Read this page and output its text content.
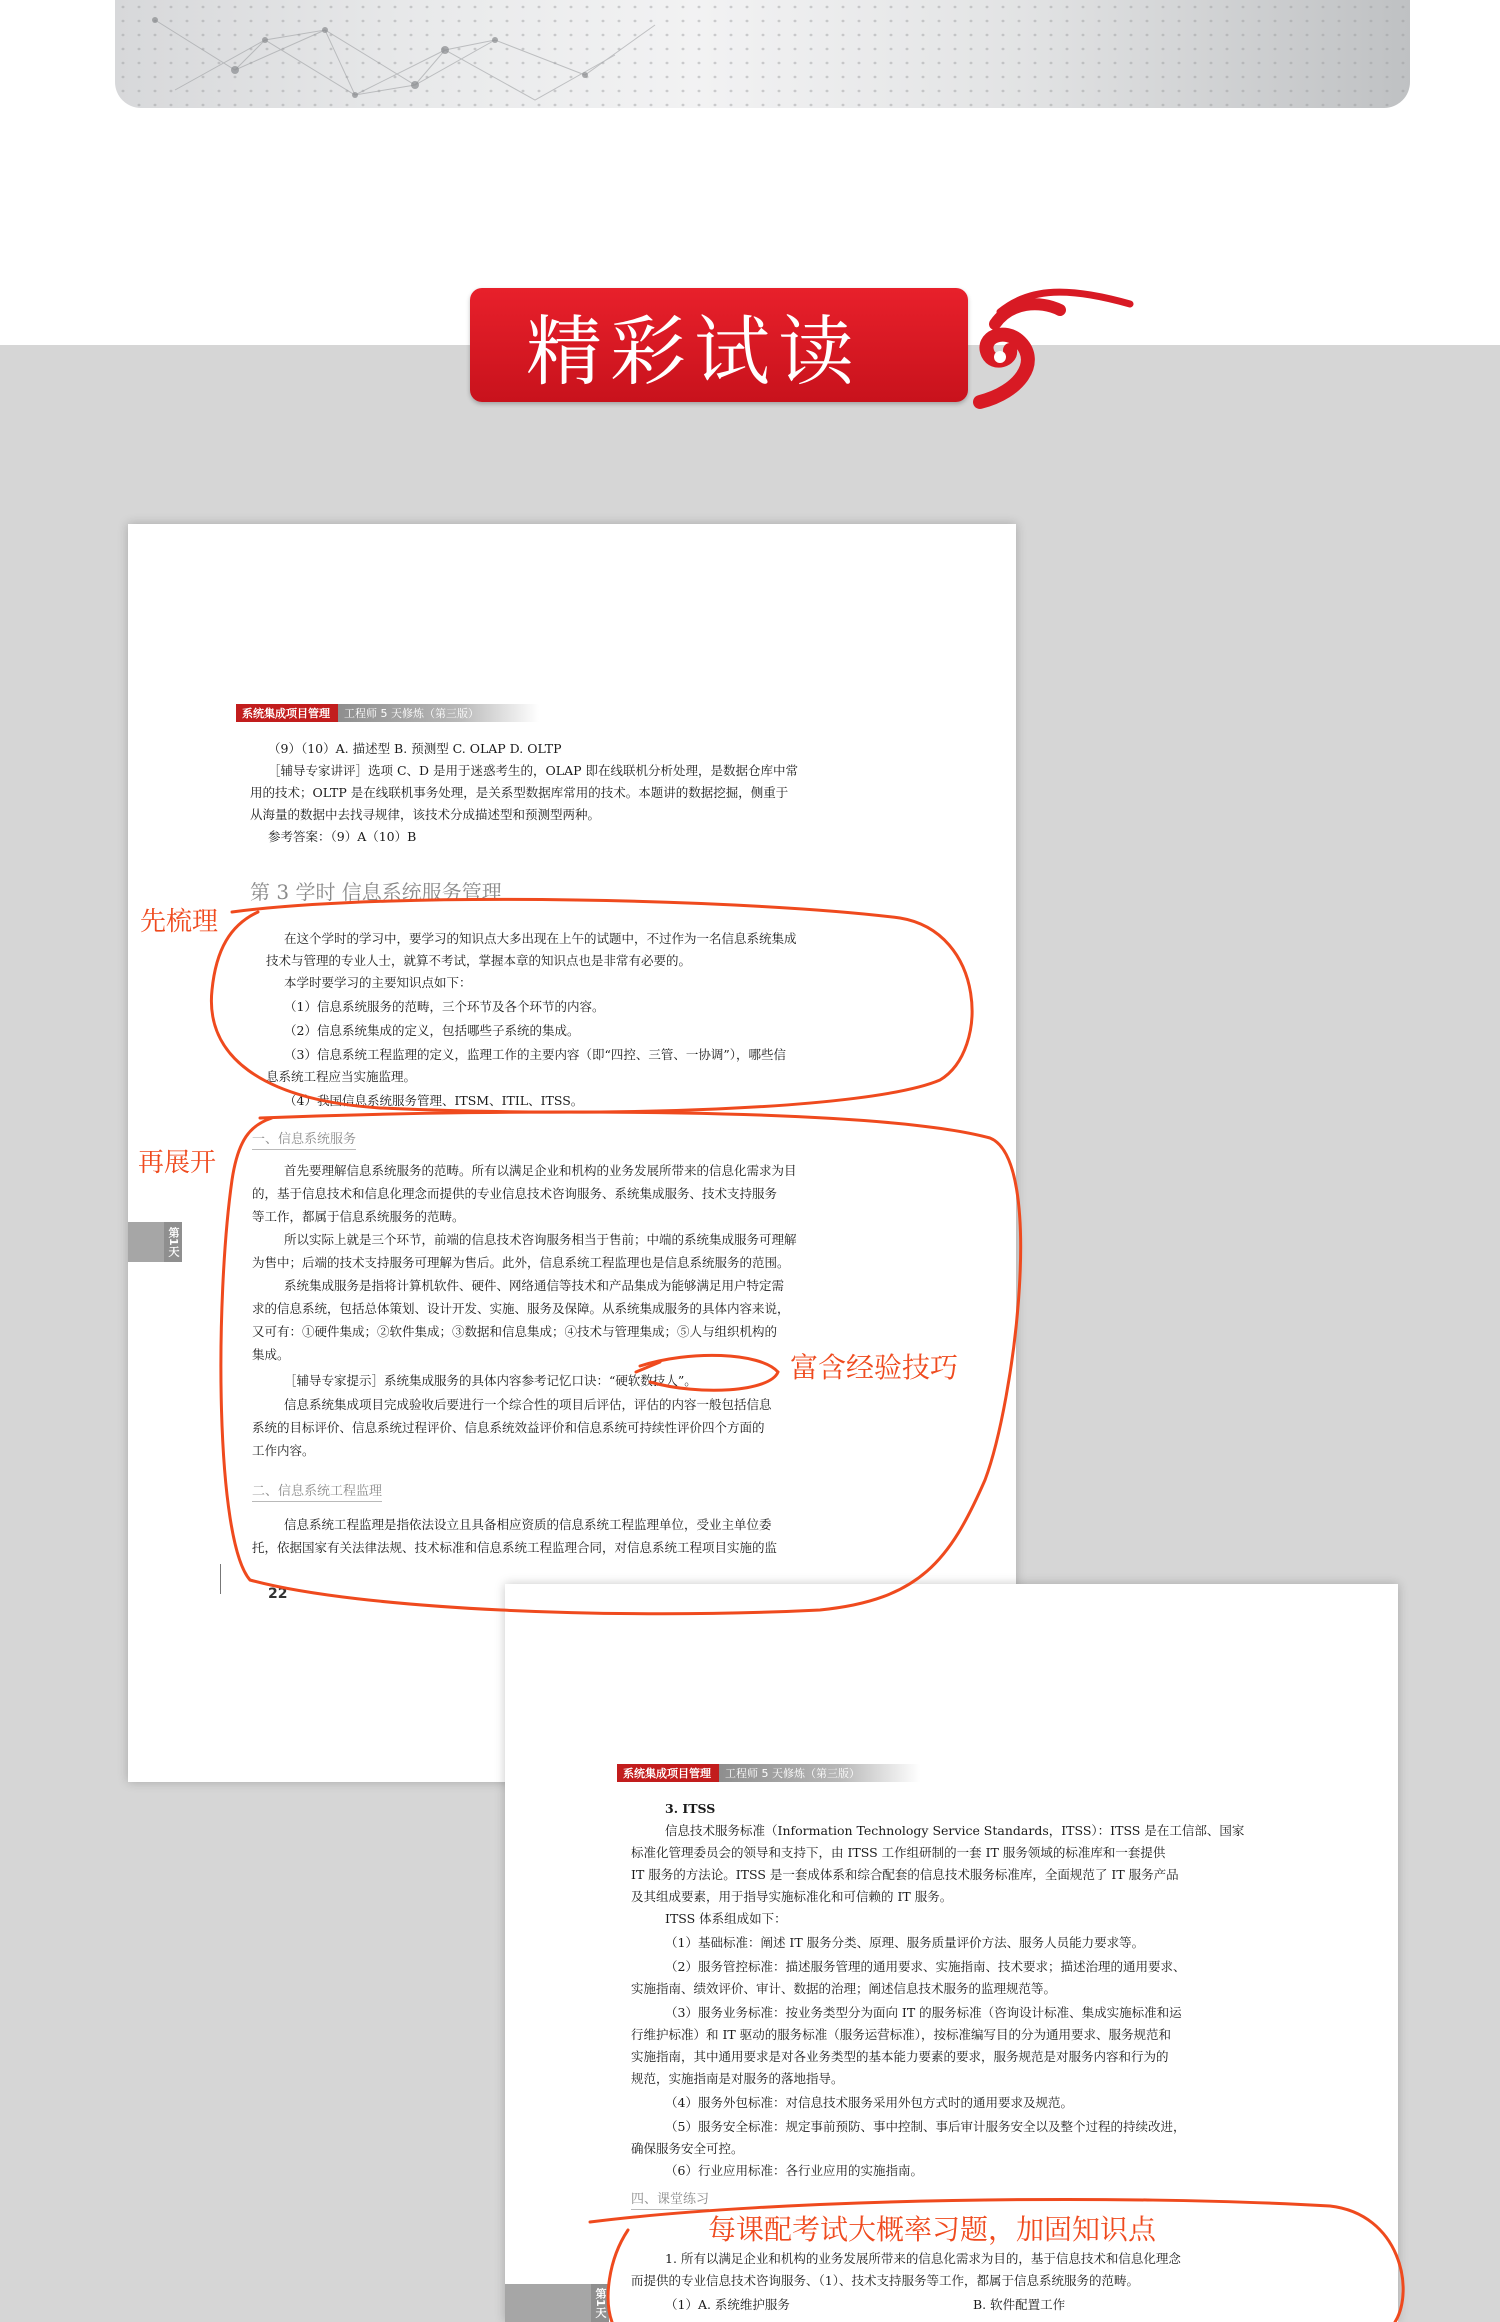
精彩试读
系统集成项目管理	工程师 5 天修炼（第三版）
（9）（10）A. 描述型 B. 预测型 C. OLAP D. OLTP
［辅导专家讲评］选项 C、D 是用于迷惑考生的，OLAP 即在线联机分析处理，是数据仓库中常
用的技术；OLTP 是在线联机事务处理，是关系型数据库常用的技术。本题讲的数据挖掘，侧重于
从海量的数据中去找寻规律，该技术分成描述型和预测型两种。
参考答案：（9）A（10）B
第 3 学时 信息系统服务管理
在这个学时的学习中，要学习的知识点大多出现在上午的试题中，不过作为一名信息系统集成
技术与管理的专业人士，就算不考试，掌握本章的知识点也是非常有必要的。
本学时要学习的主要知识点如下：
（1）信息系统服务的范畴，三个环节及各个环节的内容。
（2）信息系统集成的定义，包括哪些子系统的集成。
（3）信息系统工程监理的定义，监理工作的主要内容（即“四控、三管、一协调”），哪些信
息系统工程应当实施监理。
（4）我国信息系统服务管理、ITSM、ITIL、ITSS。
一、信息系统服务
第1天
首先要理解信息系统服务的范畴。所有以满足企业和机构的业务发展所带来的信息化需求为目
的，基于信息技术和信息化理念而提供的专业信息技术咨询服务、系统集成服务、技术支持服务
等工作，都属于信息系统服务的范畴。
所以实际上就是三个环节，前端的信息技术咨询服务相当于售前；中端的系统集成服务可理解
为售中；后端的技术支持服务可理解为售后。此外，信息系统工程监理也是信息系统服务的范围。
系统集成服务是指将计算机软件、硬件、网络通信等技术和产品集成为能够满足用户特定需
求的信息系统，包括总体策划、设计开发、实施、服务及保障。从系统集成服务的具体内容来说，
又可有：①硬件集成；②软件集成；③数据和信息集成；④技术与管理集成；⑤人与组织机构的
集成。
［辅导专家提示］系统集成服务的具体内容参考记忆口诀：“硬软数技人”。
信息系统集成项目完成验收后要进行一个综合性的项目后评估，评估的内容一般包括信息
系统的目标评价、信息系统过程评价、信息系统效益评价和信息系统可持续性评价四个方面的
工作内容。
二、信息系统工程监理
信息系统工程监理是指依法设立且具备相应资质的信息系统工程监理单位，受业主单位委
托，依据国家有关法律法规、技术标准和信息系统工程监理合同，对信息系统工程项目实施的监
22
系统集成项目管理	工程师 5 天修炼（第三版）
3. ITSS
信息技术服务标准（Information Technology Service Standards，ITSS）：ITSS 是在工信部、国家
标准化管理委员会的领导和支持下，由 ITSS 工作组研制的一套 IT 服务领域的标准库和一套提供
IT 服务的方法论。ITSS 是一套成体系和综合配套的信息技术服务标准库，全面规范了 IT 服务产品
及其组成要素，用于指导实施标准化和可信赖的 IT 服务。
ITSS 体系组成如下：
（1）基础标准：阐述 IT 服务分类、原理、服务质量评价方法、服务人员能力要求等。
（2）服务管控标准：描述服务管理的通用要求、实施指南、技术要求；描述治理的通用要求、
实施指南、绩效评价、审计、数据的治理；阐述信息技术服务的监理规范等。
（3）服务业务标准：按业务类型分为面向 IT 的服务标准（咨询设计标准、集成实施标准和运
行维护标准）和 IT 驱动的服务标准（服务运营标准），按标准编写目的分为通用要求、服务规范和
实施指南，其中通用要求是对各业务类型的基本能力要素的要求，服务规范是对服务内容和行为的
规范，实施指南是对服务的落地指导。
（4）服务外包标准：对信息技术服务采用外包方式时的通用要求及规范。
（5）服务安全标准：规定事前预防、事中控制、事后审计服务安全以及整个过程的持续改进，
确保服务安全可控。
（6）行业应用标准：各行业应用的实施指南。
四、课堂练习
1. 所有以满足企业和机构的业务发展所带来的信息化需求为目的，基于信息技术和信息化理念
而提供的专业信息技术咨询服务、（1）、技术支持服务等工作，都属于信息系统服务的范畴。
（1）A. 系统维护服务	B. 软件配置工作
第1天
先梳理
再展开
富含经验技巧
每课配考试大概率习题，加固知识点
